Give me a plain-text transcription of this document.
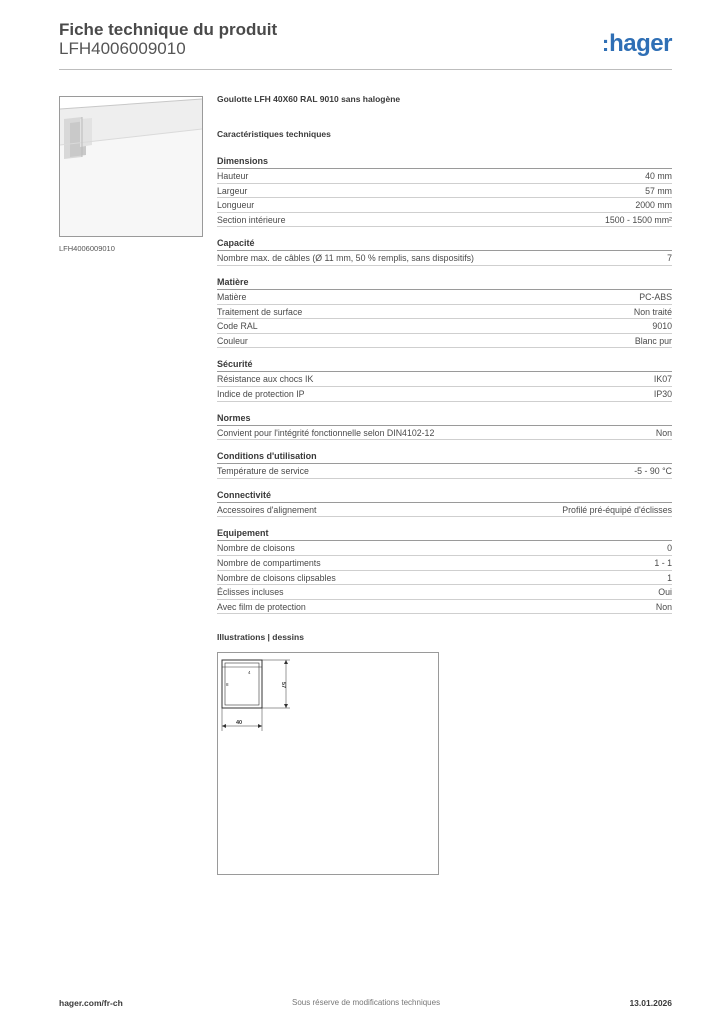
Fiche technique du produit
LFH4006009010	:hager
LFH4006009010
Goulotte LFH 40X60 RAL 9010 sans halogène
Caractéristiques techniques
Dimensions
Hauteur	40 mm
Largeur	57 mm
Longueur	2000 mm
Section intérieure	1500 - 1500 mm²
Capacité
Nombre max. de câbles (Ø 11 mm, 50 % remplis, sans dispositifs)	7
Matière
Matière	PC-ABS
Traitement de surface	Non traité
Code RAL	9010
Couleur	Blanc pur
Sécurité
Résistance aux chocs IK	IK07
Indice de protection IP	IP30
Normes
Convient pour l'intégrité fonctionnelle selon DIN4102-12	Non
Conditions d'utilisation
Température de service	-5 - 90 °C
Connectivité
Accessoires d'alignement	Profilé pré-équipé d'éclisses
Equipement
Nombre de cloisons	0
Nombre de compartiments	1 - 1
Nombre de cloisons clipsables	1
Éclisses incluses	Oui
Avec film de protection	Non
Illustrations | dessins
40
57
4
8
hager.com/fr-ch	Sous réserve de modifications techniques	13.01.2026
